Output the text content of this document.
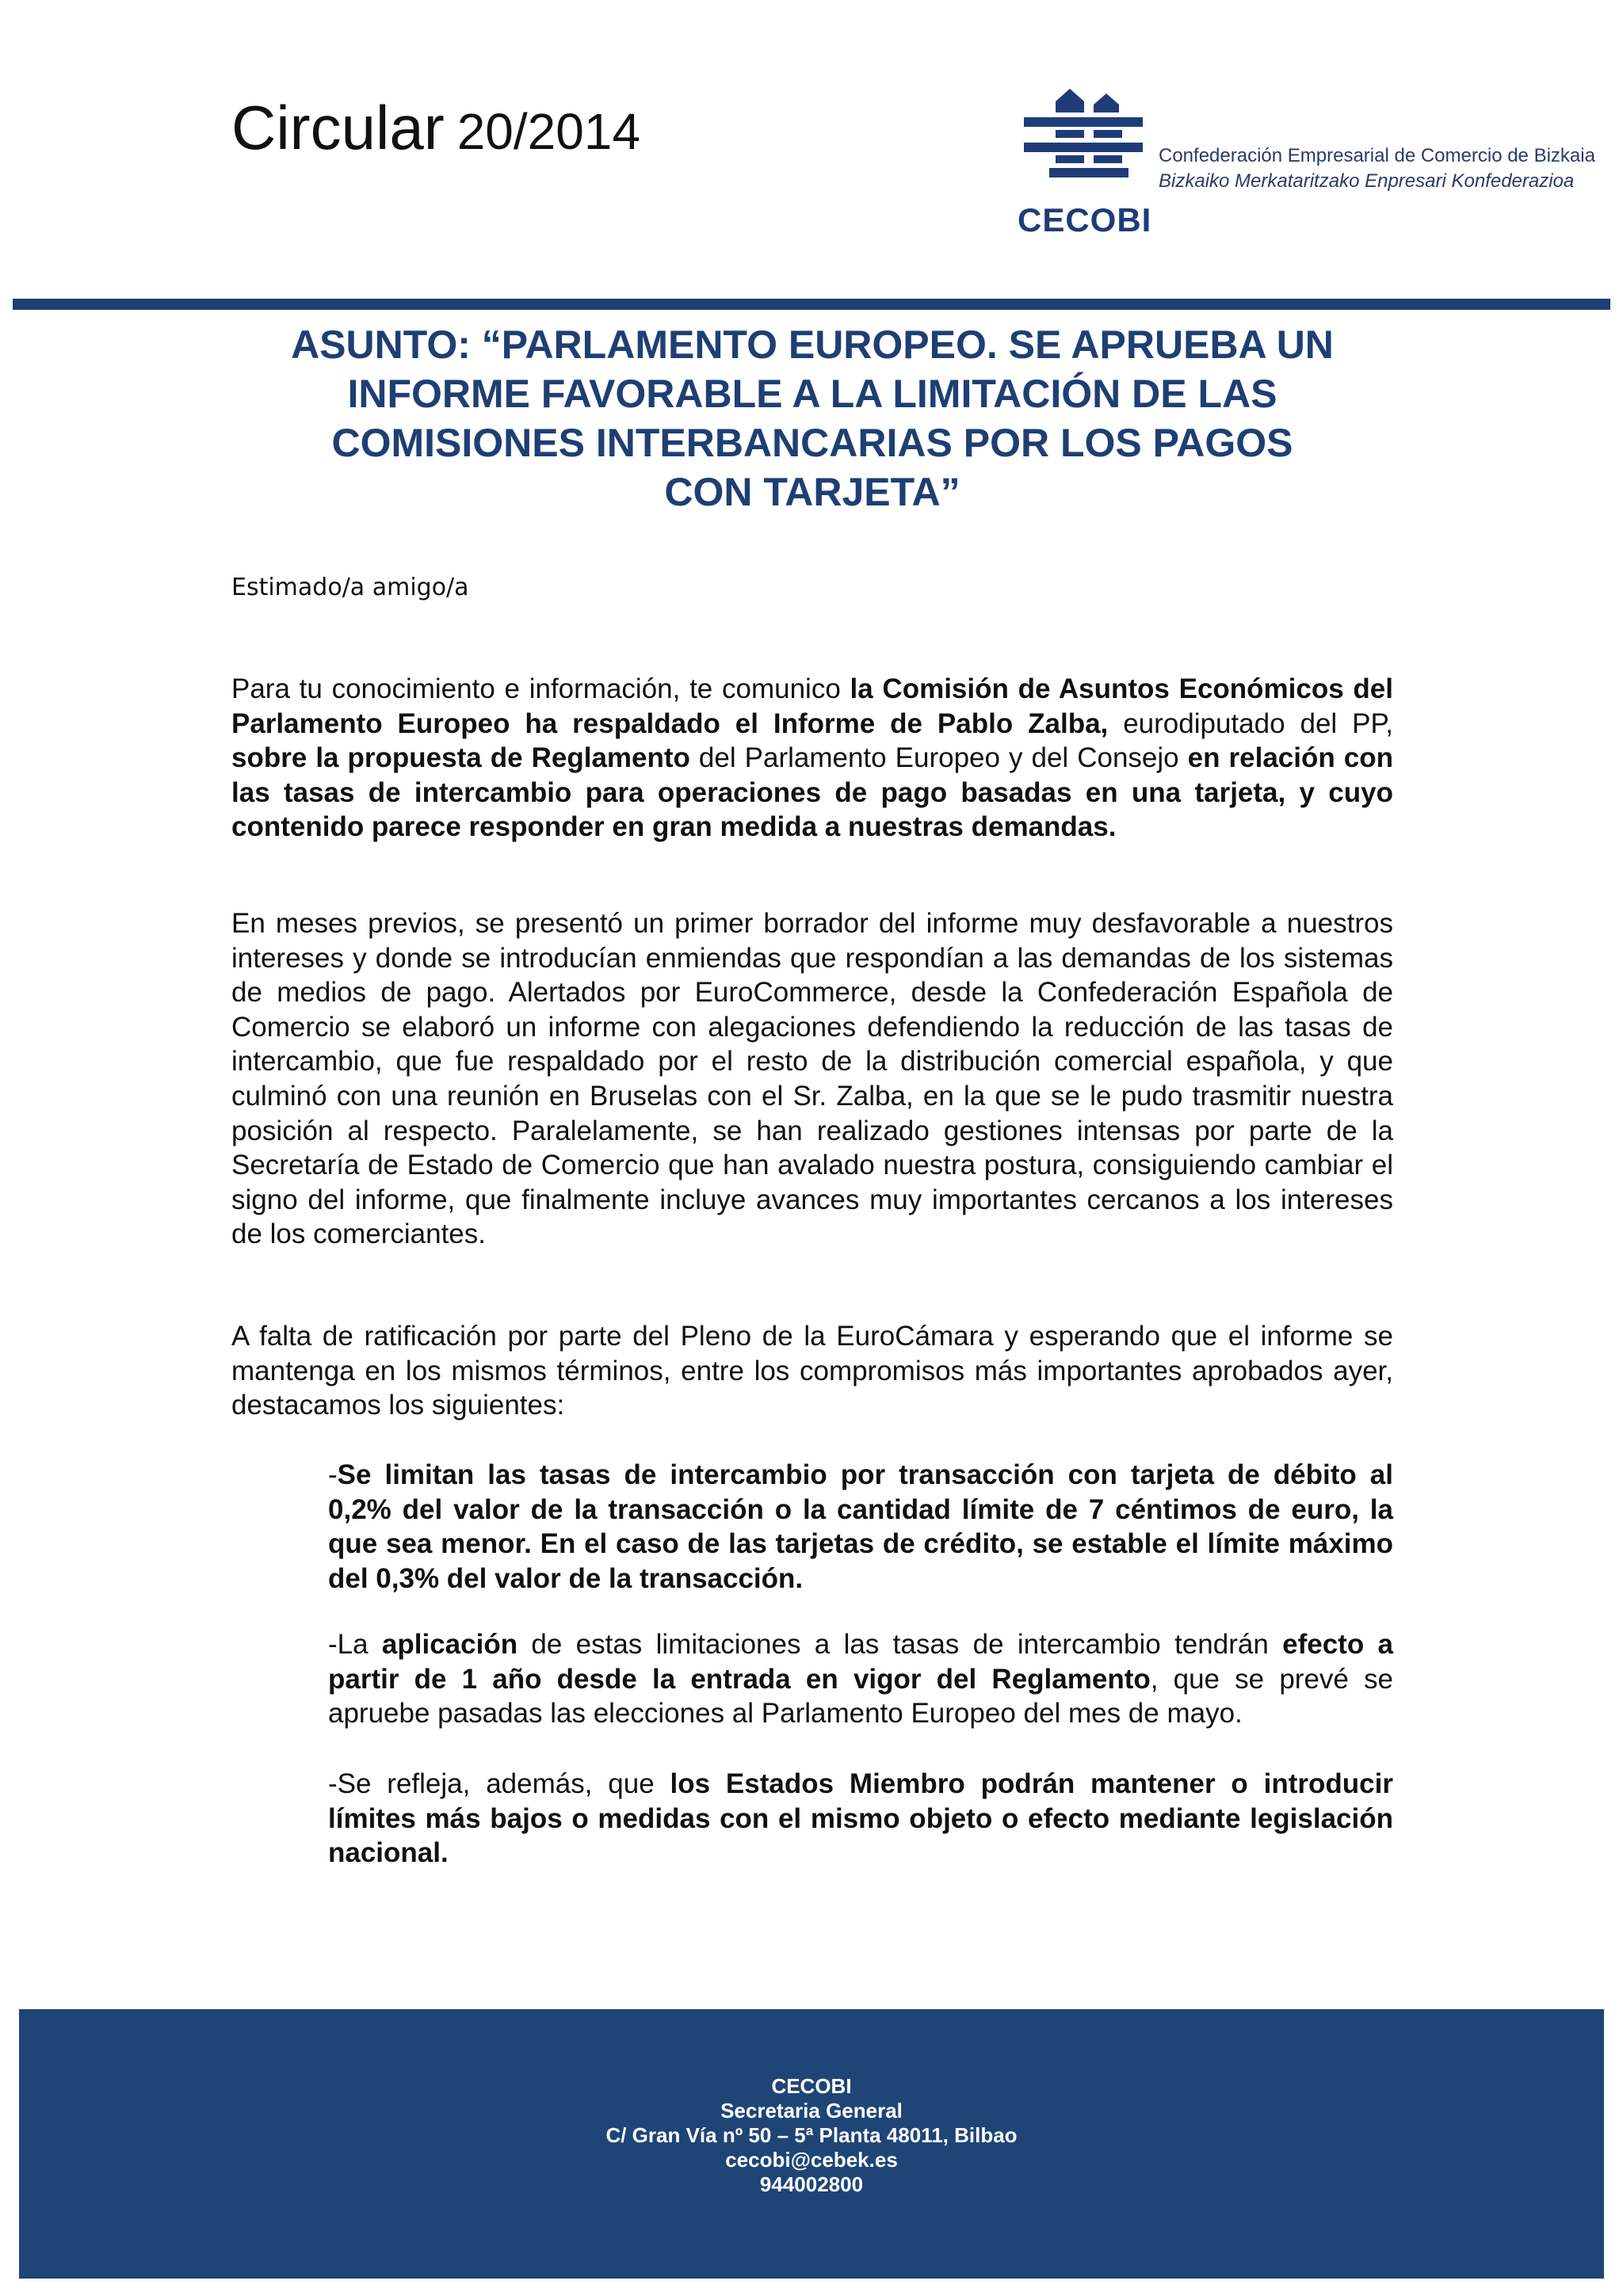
Circular 20/2014
CECOBI
Confederación Empresarial de Comercio de Bizkaia
Bizkaiko Merkataritzako Enpresari Konfederazioa
ASUNTO: “PARLAMENTO EUROPEO. SE APRUEBA UN
INFORME FAVORABLE A LA LIMITACIÓN DE LAS
COMISIONES INTERBANCARIAS POR LOS PAGOS
CON TARJETA”
Estimado/a amigo/a
Para tu conocimiento e información, te comunico la Comisión de Asuntos Económicos del Parlamento Europeo ha respaldado el Informe de Pablo Zalba, eurodiputado del PP, sobre la propuesta de Reglamento del Parlamento Europeo y del Consejo en relación con las tasas de intercambio para operaciones de pago basadas en una tarjeta, y cuyo contenido parece responder en gran medida a nuestras demandas.
En meses previos, se presentó un primer borrador del informe muy desfavorable a nuestros intereses y donde se introducían enmiendas que respondían a las demandas de los sistemas de medios de pago. Alertados por EuroCommerce, desde la Confederación Española de Comercio se elaboró un informe con alegaciones defendiendo la reducción de las tasas de intercambio, que fue respaldado por el resto de la distribución comercial española, y que culminó con una reunión en Bruselas con el Sr. Zalba, en la que se le pudo trasmitir nuestra posición al respecto. Paralelamente, se han realizado gestiones intensas por parte de la Secretaría de Estado de Comercio que han avalado nuestra postura, consiguiendo cambiar el signo del informe, que finalmente incluye avances muy importantes cercanos a los intereses de los comerciantes.
A falta de ratificación por parte del Pleno de la EuroCámara y esperando que el informe se mantenga en los mismos términos, entre los compromisos más importantes aprobados ayer, destacamos los siguientes:
-Se limitan las tasas de intercambio por transacción con tarjeta de débito al 0,2% del valor de la transacción o la cantidad límite de 7 céntimos de euro, la que sea menor. En el caso de las tarjetas de crédito, se estable el límite máximo del 0,3% del valor de la transacción.
-La aplicación de estas limitaciones a las tasas de intercambio tendrán efecto a partir de 1 año desde la entrada en vigor del Reglamento, que se prevé se apruebe pasadas las elecciones al Parlamento Europeo del mes de mayo.
-Se refleja, además, que los Estados Miembro podrán mantener o introducir límites más bajos o medidas con el mismo objeto o efecto mediante legislación nacional.
CECOBI
Secretaria General
C/ Gran Vía nº 50 – 5ª Planta 48011, Bilbao
cecobi@cebek.es
944002800
